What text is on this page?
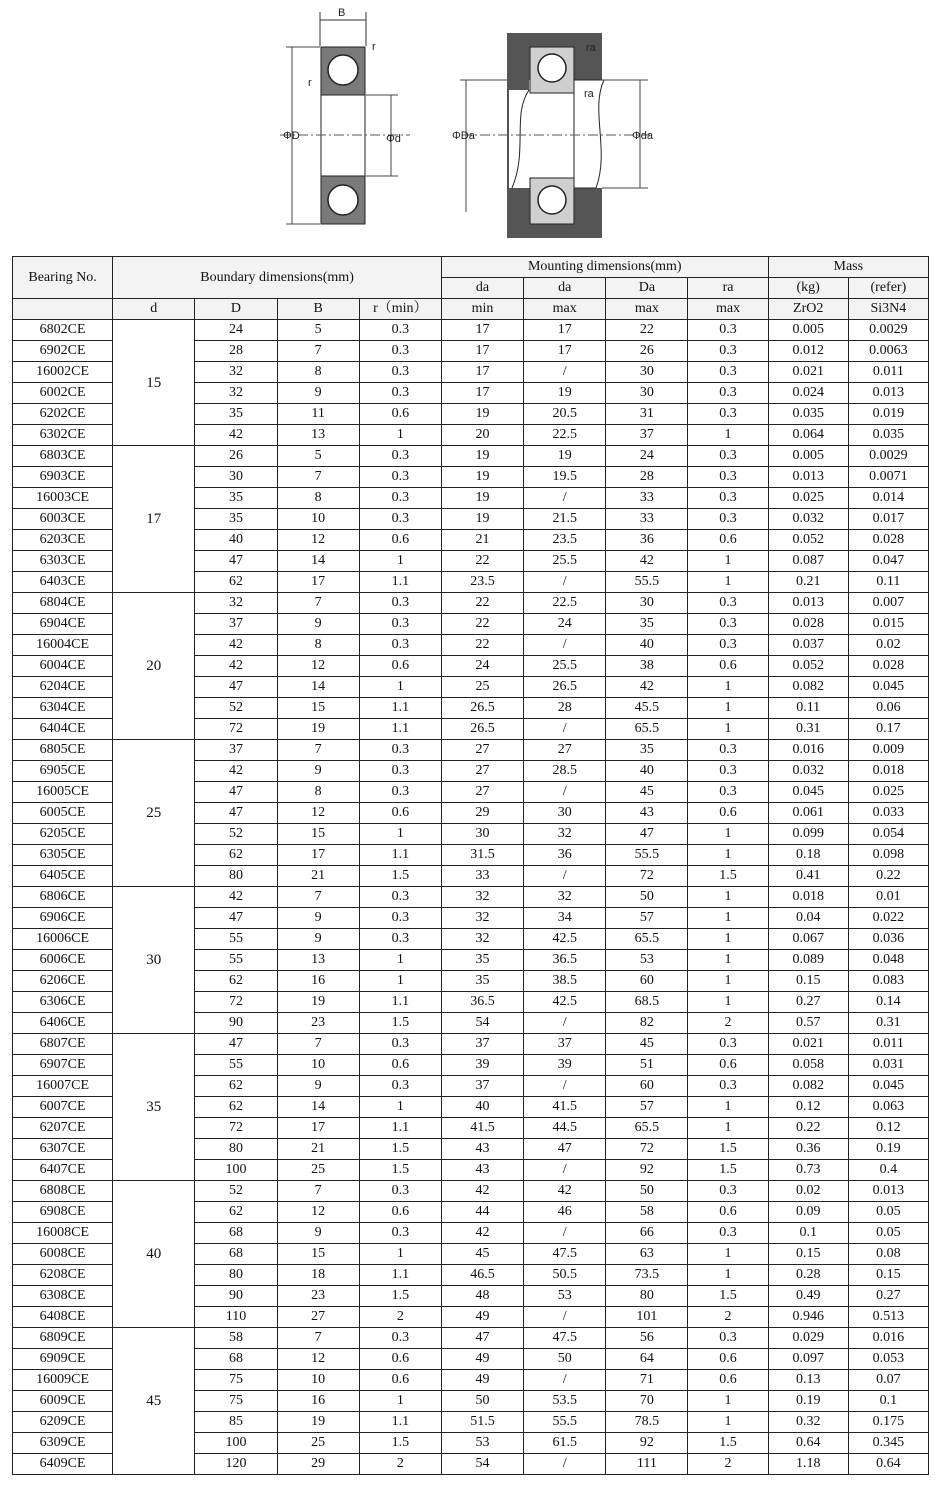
B
r
r
ΦD	Φd
ra
ra
ΦDa	Φda
Bearing No.	Boundary dimensions(mm)				Mounting dimensions(mm)				Mass	
					da	da	Da	ra	(kg)	(refer)
	d	D	B	r（min）	min	max	max	max	ZrO2	Si3N4
6802CE	15	24	5	0.3	17	17	22	0.3	0.005	0.0029
6902CE		28	7	0.3	17	17	26	0.3	0.012	0.0063
16002CE		32	8	0.3	17	/	30	0.3	0.021	0.011
6002CE		32	9	0.3	17	19	30	0.3	0.024	0.013
6202CE		35	11	0.6	19	20.5	31	0.3	0.035	0.019
6302CE		42	13	1	20	22.5	37	1	0.064	0.035
6803CE	17	26	5	0.3	19	19	24	0.3	0.005	0.0029
6903CE		30	7	0.3	19	19.5	28	0.3	0.013	0.0071
16003CE		35	8	0.3	19	/	33	0.3	0.025	0.014
6003CE		35	10	0.3	19	21.5	33	0.3	0.032	0.017
6203CE		40	12	0.6	21	23.5	36	0.6	0.052	0.028
6303CE		47	14	1	22	25.5	42	1	0.087	0.047
6403CE		62	17	1.1	23.5	/	55.5	1	0.21	0.11
6804CE	20	32	7	0.3	22	22.5	30	0.3	0.013	0.007
6904CE		37	9	0.3	22	24	35	0.3	0.028	0.015
16004CE		42	8	0.3	22	/	40	0.3	0.037	0.02
6004CE		42	12	0.6	24	25.5	38	0.6	0.052	0.028
6204CE		47	14	1	25	26.5	42	1	0.082	0.045
6304CE		52	15	1.1	26.5	28	45.5	1	0.11	0.06
6404CE		72	19	1.1	26.5	/	65.5	1	0.31	0.17
6805CE	25	37	7	0.3	27	27	35	0.3	0.016	0.009
6905CE		42	9	0.3	27	28.5	40	0.3	0.032	0.018
16005CE		47	8	0.3	27	/	45	0.3	0.045	0.025
6005CE		47	12	0.6	29	30	43	0.6	0.061	0.033
6205CE		52	15	1	30	32	47	1	0.099	0.054
6305CE		62	17	1.1	31.5	36	55.5	1	0.18	0.098
6405CE		80	21	1.5	33	/	72	1.5	0.41	0.22
6806CE	30	42	7	0.3	32	32	50	1	0.018	0.01
6906CE		47	9	0.3	32	34	57	1	0.04	0.022
16006CE		55	9	0.3	32	42.5	65.5	1	0.067	0.036
6006CE		55	13	1	35	36.5	53	1	0.089	0.048
6206CE		62	16	1	35	38.5	60	1	0.15	0.083
6306CE		72	19	1.1	36.5	42.5	68.5	1	0.27	0.14
6406CE		90	23	1.5	54	/	82	2	0.57	0.31
6807CE	35	47	7	0.3	37	37	45	0.3	0.021	0.011
6907CE		55	10	0.6	39	39	51	0.6	0.058	0.031
16007CE		62	9	0.3	37	/	60	0.3	0.082	0.045
6007CE		62	14	1	40	41.5	57	1	0.12	0.063
6207CE		72	17	1.1	41.5	44.5	65.5	1	0.22	0.12
6307CE		80	21	1.5	43	47	72	1.5	0.36	0.19
6407CE		100	25	1.5	43	/	92	1.5	0.73	0.4
6808CE	40	52	7	0.3	42	42	50	0.3	0.02	0.013
6908CE		62	12	0.6	44	46	58	0.6	0.09	0.05
16008CE		68	9	0.3	42	/	66	0.3	0.1	0.05
6008CE		68	15	1	45	47.5	63	1	0.15	0.08
6208CE		80	18	1.1	46.5	50.5	73.5	1	0.28	0.15
6308CE		90	23	1.5	48	53	80	1.5	0.49	0.27
6408CE		110	27	2	49	/	101	2	0.946	0.513
6809CE	45	58	7	0.3	47	47.5	56	0.3	0.029	0.016
6909CE		68	12	0.6	49	50	64	0.6	0.097	0.053
16009CE		75	10	0.6	49	/	71	0.6	0.13	0.07
6009CE		75	16	1	50	53.5	70	1	0.19	0.1
6209CE		85	19	1.1	51.5	55.5	78.5	1	0.32	0.175
6309CE		100	25	1.5	53	61.5	92	1.5	0.64	0.345
6409CE		120	29	2	54	/	111	2	1.18	0.64
